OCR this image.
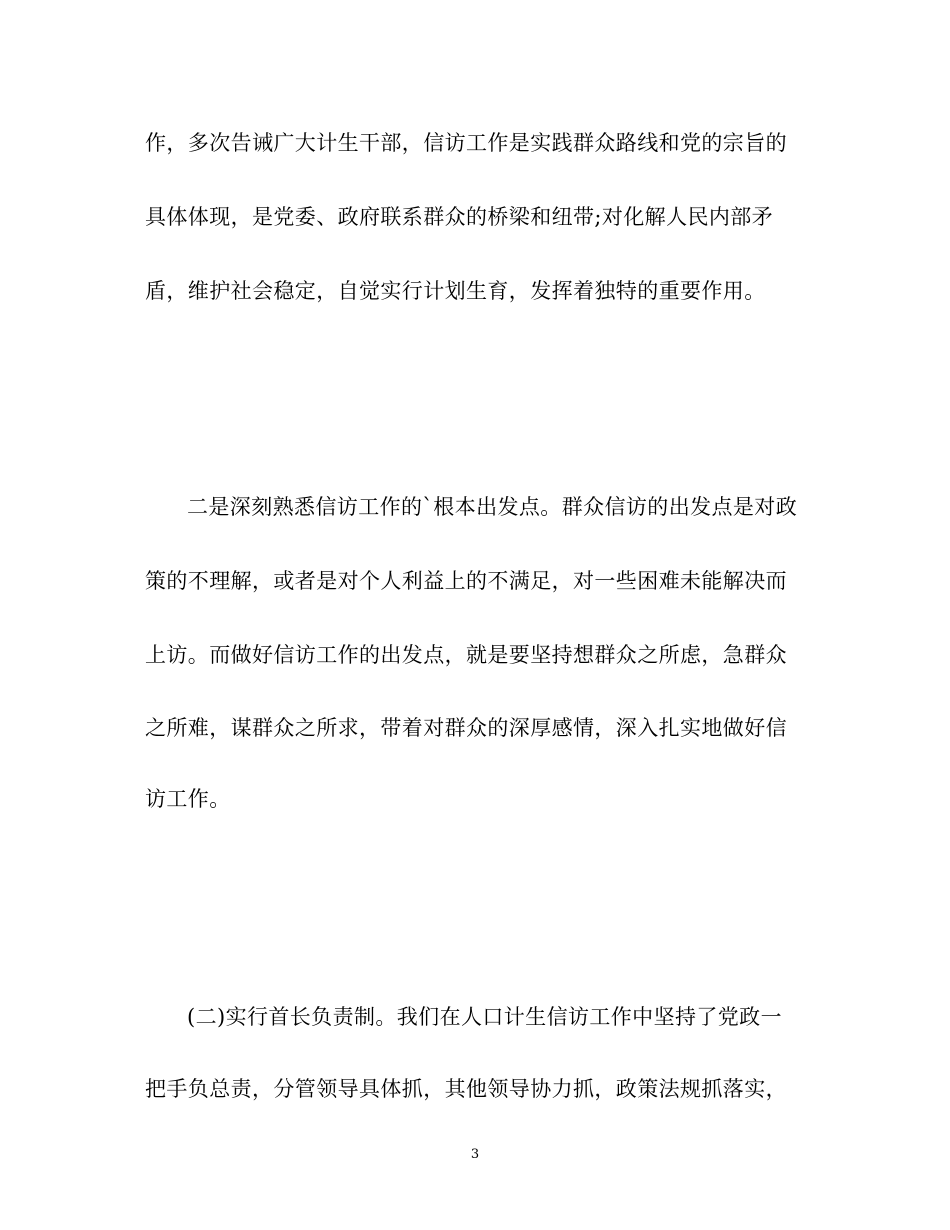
作，多次告诫广大计生干部，信访工作是实践群众路线和党的宗旨的
具体体现，是党委、政府联系群众的桥梁和纽带;对化解人民内部矛
盾，维护社会稳定，自觉实行计划生育，发挥着独特的重要作用。
二是深刻熟悉信访工作的`根本出发点。群众信访的出发点是对政
策的不理解，或者是对个人利益上的不满足，对一些困难未能解决而
上访。而做好信访工作的出发点，就是要坚持想群众之所虑，急群众
之所难，谋群众之所求，带着对群众的深厚感情，深入扎实地做好信
访工作。
(二)实行首长负责制。我们在人口计生信访工作中坚持了党政一
把手负总责，分管领导具体抓，其他领导协力抓，政策法规抓落实，
3
